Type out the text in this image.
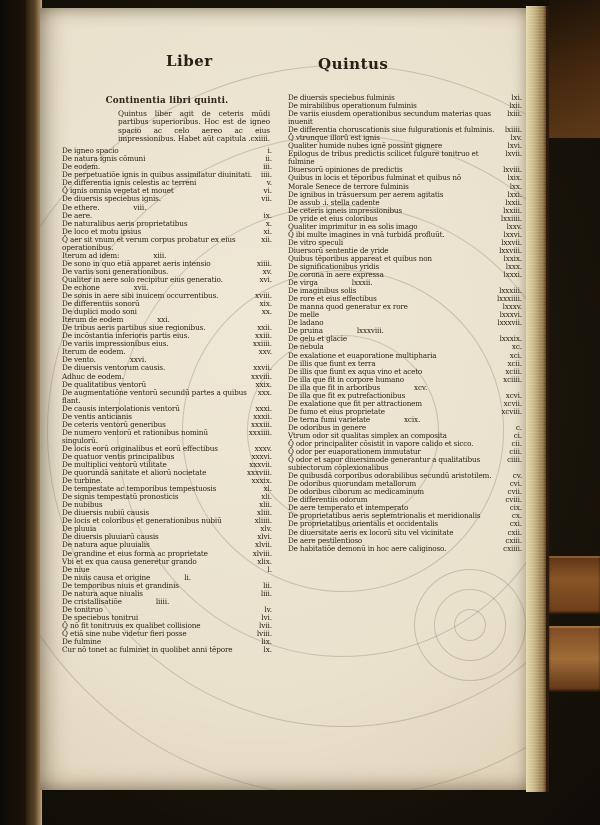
Liber	Quintus
Continentia libri quinti.
Quintus liber agit de ceteris mūdi partibus superioribus. Hoc est de igneo spacio ac celo aereo ac eius impressionibus. Habet aūt capitula .cxiiii.
De igneo spacio	i.
De natura ignis cōmuni	ii.
De eodem.	iii.
De perpetuatiōe ignis in quibus assimilatur diuinitati. iiii.
De differentia ignis celestis ac terreni	v.
Q̄ ignis omnia vegetat et mouet	vi.
De diuersis speciebus ignis.	vii.
De ethere.	viii.
De aere.	ix.
De naturalibus aeris proprietatibus	x.
De loco et motu ipsius	xi.
Q̄ aer sit vnum et verum corpus probatur ex eius operationibus.
xii.
Iterum ad idem:	xiii.
De sono in quo etiā apparet aeris intensio	xiiii.
De variis soni generationibus.	xv.
Qualiter in aere solo recipitur eius generatio.	xvi.
De echone	xvii.
De sonis in aere sibi inuicem occurrentibus.	xviii.
De differentiis sonorū	xix.
De duplici modo soni	xx.
Iterum de eodem	xxi.
De tribus aeris partibus siue regionibus.	xxii.
De incōstantia inferioris partis eius.	xxiii.
De variis impressionibus eius.	xxiiii.
Iterum de eodem.	xxv.
De vento.	xxvi.
De diuersis ventorum causis.	xxvii.
Adhuc de eodem.	xxviii.
De qualitatibus ventorū	xxix.
De augmentatiōne ventorū secundū partes a quibus flant.
xxx.
De causis interpolationis ventorū	xxxi.
De ventis anticianis	xxxii.
De ceteris ventorū generibus	xxxiii.
De numero ventorū et rationibus nominū singulorū.
xxxiiii.
De locis eorū originalibus et eorū effectibus	xxxv.
De quatuor ventis principalibus	xxxvi.
De multiplici ventorū vtilitate	xxxvii.
De quorundā sanitate et aliorū nocietate	xxxviii.
De turbine.	xxxix.
De tempestate ac temporibus tempestuosis	xl.
De signis tempestatū pronosticis	xli.
De nubibus	xlii.
De diuersis nubiū causis	xliii.
De locis et coloribus et generationibus nubiū	xliiii.
De pluuia	xlv.
De diuersis pluuiarū causis	xlvi.
De natura aque pluuialis	xlvii.
De grandine et eius forma ac proprietate	xlviii.
Vbi et ex qua causa generetur grando	xlix.
De niue	l.
De niuis causa et origine	li.
De temporibus niuis et grandinis	lii.
De natura aque niualis	liii.
De cristallisatiōe	liiii.
De tonitruo	lv.
De speciebus tonitrui	lvi.
Q̄ nō fit tonitruus ex qualibet collisione	lvii.
Q̄ etiā sine nube videtur fieri posse	lviii.
De fulmine	lix.
Cur nō tonet ac fulminet in quolibet anni tēpore	lx.
De diuersis speciebus fulminis	lxi.
De mirabilibus operationum fulminis	lxii.
De variis eiusdem operationibus secundum materias quas inuenit
lxiii.
De differentia choruscationis siue fulgurationis et fulminis. lxiiii.
Q̄ vtrunque illorū est ignis	lxv.
Qualiter humide nubes ignē possint gignere	lxvi.
Epilogus de tribus predictis scilicet fulgure tonitruo et fulmine
lxvii.
Diuersorū opiniones de predictis	lxviii.
Quibus in locis et tēporibus fulminat et quibus nō	lxix.
Morale Senece de terrore fulminis	lxx.
De ignibus in trāsuersum per aerem agitatis	lxxi.
De assub .i. stella cadente	lxxii.
De ceteris igneis impressionibus	lxxiii.
De yride et eius coloribus	lxxiiii.
Qualiter imprimitur in ea solis imago	lxxv.
Q̄ ibi multe imagines in vnā turbidā profluūt.	lxxvi.
De vitro speculi	lxxvii.
Diuersorū sententie de yride	lxxviii.
Quibus tēporibus appareat et quibus non	lxxix.
De significationibus yridis	lxxx.
De corona in aere expressa	lxxxi.
De virga	lxxxii.
De imaginibus solis	lxxxiii.
De rore et eius effectibus	lxxxiiii.
De manna quod generatur ex rore	lxxxv.
De melle	lxxxvi.
De ladano	lxxxvii.
De pruina	lxxxviii.
De gelu et glacie	lxxxix.
De nebula	xc.
De exalatione et euaporatione multipharia	xci.
De illis que fiunt ex terra	xcii.
De illis que fiunt ex aqua vino et aceto	xciii.
De illa que fit in corpore humano	xciiii.
De illa que fit in arboribus	xcv.
De illa que fit ex putrefactionibus	xcvi.
De exalatione que fit per attractionem	xcvii.
De fumo et eius proprietate	xcviii.
De terna fumi varietate	xcix.
De odoribus in genere	c.
Vtrum odor sit qualitas simplex an composita	ci.
Q̄ odor principaliter cōsistit in vapore calido et sicco.	cii.
Q̄ odor per euaporationem immutatur	ciii.
Q̄ odor et sapor diuersimode generantur a qualitatibus subiectorum cōplexionalibus
ciiii.
De quibusdā corporibus odorabilibus secundū aristotilem.	cv.
De odoribus quorundam metallorum	cvi.
De odoribus ciborum ac medicaminum	cvii.
De differentiis odorum	cviii.
De aere temperato et intemperato	cix.
De proprietatibus aeris septemtrionalis et meridionalis	cx.
De proprietatibus orientalis et occidentalis	cxi.
De diuersitate aeris ex locorū situ vel vicinitate	cxii.
De aere pestilentioso	cxiii.
De habitatiōe demonū in hoc aere caliginoso.	cxiiii.
